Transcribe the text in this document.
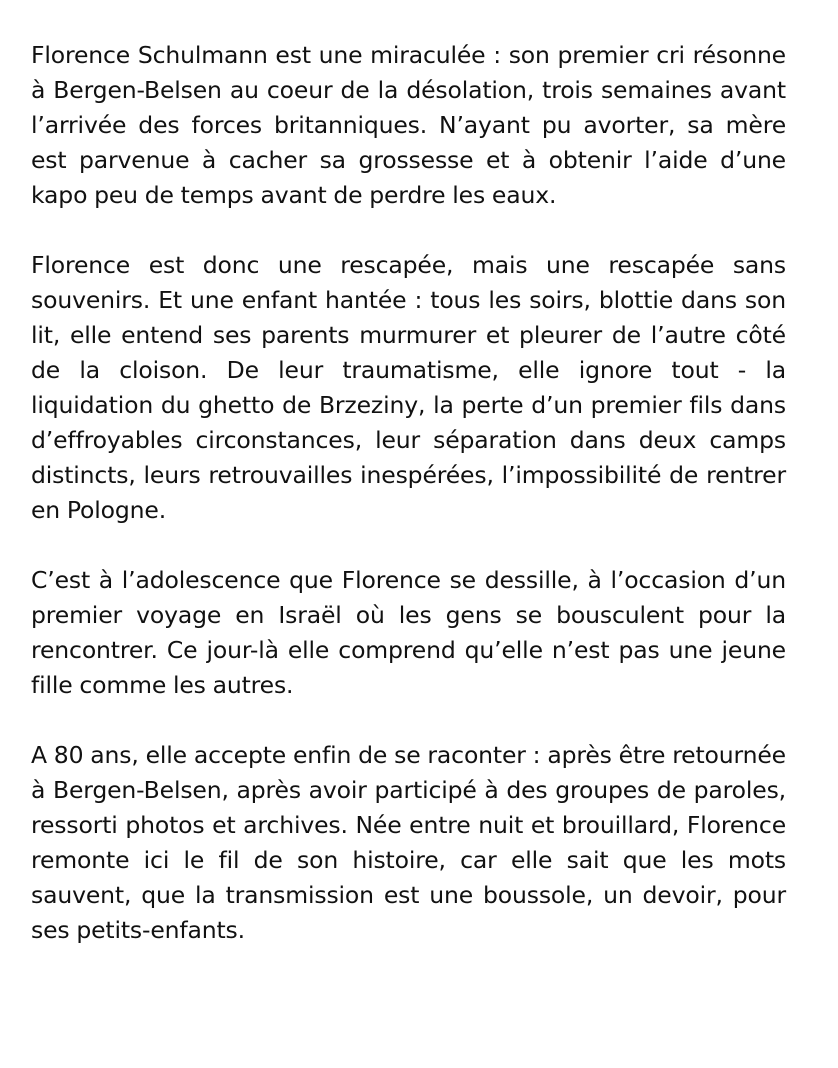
Florence Schulmann est une miraculée : son premier cri résonne à Bergen-Belsen au coeur de la désolation, trois semaines avant l’arrivée des forces britanniques. N’ayant pu avorter, sa mère est parvenue à cacher sa grossesse et à obtenir l’aide d’une kapo peu de temps avant de perdre les eaux.

Florence est donc une rescapée, mais une rescapée sans souvenirs. Et une enfant hantée : tous les soirs, blottie dans son lit, elle entend ses parents murmurer et pleurer de l’autre côté de la cloison. De leur traumatisme, elle ignore tout - la liquidation du ghetto de Brzeziny, la perte d’un premier fils dans d’effroyables circonstances, leur séparation dans deux camps distincts, leurs retrouvailles inespérées, l’impossibilité de rentrer en Pologne.

C’est à l’adolescence que Florence se dessille, à l’occasion d’un premier voyage en Israël où les gens se bousculent pour la rencontrer. Ce jour-là elle comprend qu’elle n’est pas une jeune fille comme les autres.

A 80 ans, elle accepte enfin de se raconter : après être retournée à Bergen-Belsen, après avoir participé à des groupes de paroles, ressorti photos et archives. Née entre nuit et brouillard, Florence remonte ici le fil de son histoire, car elle sait que les mots sauvent, que la transmission est une boussole, un devoir, pour ses petits-enfants.
